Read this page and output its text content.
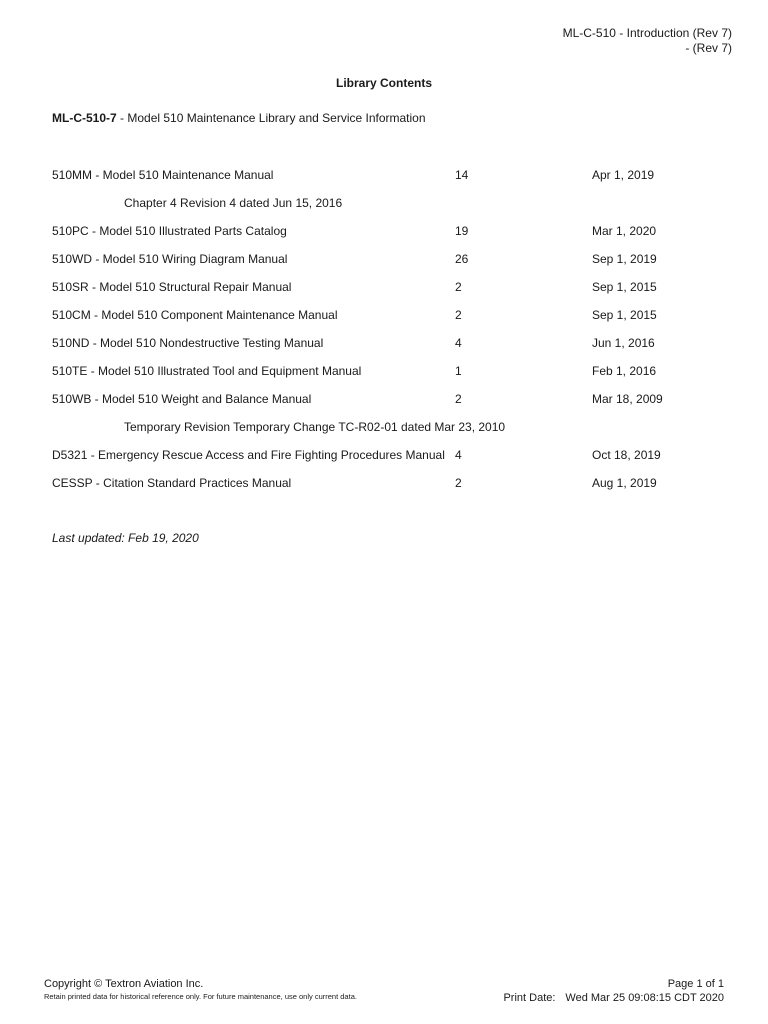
ML-C-510 - Introduction (Rev 7)
- (Rev 7)
Library Contents
ML-C-510-7 - Model 510 Maintenance Library and Service Information
510MM - Model 510 Maintenance Manual	14	Apr 1, 2019
Chapter 4 Revision 4 dated Jun 15, 2016
510PC - Model 510 Illustrated Parts Catalog	19	Mar 1, 2020
510WD - Model 510 Wiring Diagram Manual	26	Sep 1, 2019
510SR - Model 510 Structural Repair Manual	2	Sep 1, 2015
510CM - Model 510 Component Maintenance Manual	2	Sep 1, 2015
510ND - Model 510 Nondestructive Testing Manual	4	Jun 1, 2016
510TE - Model 510 Illustrated Tool and Equipment Manual	1	Feb 1, 2016
510WB - Model 510 Weight and Balance Manual	2	Mar 18, 2009
Temporary Revision Temporary Change TC-R02-01 dated Mar 23, 2010
D5321 - Emergency Rescue Access and Fire Fighting Procedures Manual 4	Oct 18, 2019
CESSP - Citation Standard Practices Manual	2	Aug 1, 2019
Last updated: Feb 19, 2020
Copyright © Textron Aviation Inc.
Retain printed data for historical reference only. For future maintenance, use only current data.
Page 1 of 1
Print Date: Wed Mar 25 09:08:15 CDT 2020
